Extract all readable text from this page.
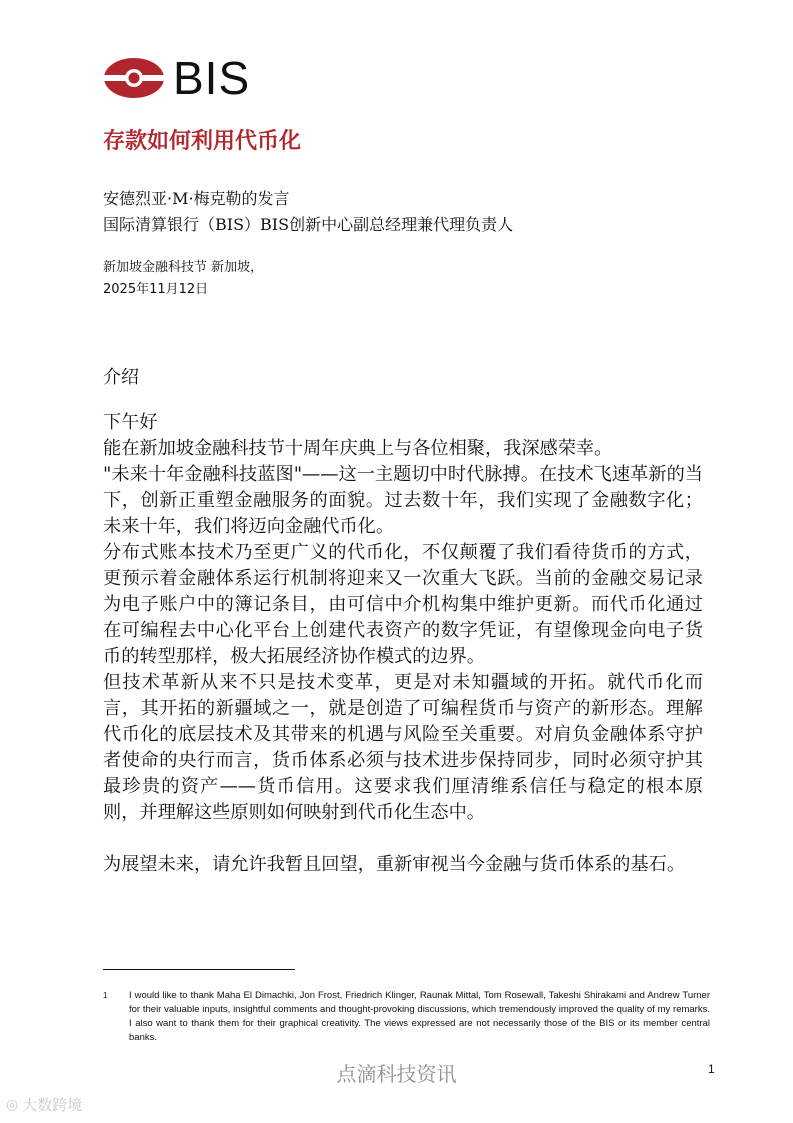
BIS
存款如何利用代币化
安德烈亚·M·梅克勒的发言
国际清算银行（BIS）BIS创新中心副总经理兼代理负责人
新加坡金融科技节 新加坡，
2025年11月12日
介绍

下午好

能在新加坡金融科技节十周年庆典上与各位相聚，我深感荣幸。

"未来十年金融科技蓝图"——这一主题切中时代脉搏。在技术飞速革新的当下，创新正重塑金融服务的面貌。过去数十年，我们实现了金融数字化；未来十年，我们将迈向金融代币化。

分布式账本技术乃至更广义的代币化，不仅颠覆了我们看待货币的方式，更预示着金融体系运行机制将迎来又一次重大飞跃。当前的金融交易记录为电子账户中的簿记条目，由可信中介机构集中维护更新。而代币化通过在可编程去中心化平台上创建代表资产的数字凭证，有望像现金向电子货币的转型那样，极大拓展经济协作模式的边界。

但技术革新从来不只是技术变革，更是对未知疆域的开拓。就代币化而言，其开拓的新疆域之一，就是创造了可编程货币与资产的新形态。理解代币化的底层技术及其带来的机遇与风险至关重要。对肩负金融体系守护者使命的央行而言，货币体系必须与技术进步保持同步，同时必须守护其最珍贵的资产——货币信用。这要求我们厘清维系信任与稳定的根本原则，并理解这些原则如何映射到代币化生态中。

为展望未来，请允许我暂且回望，重新审视当今金融与货币体系的基石。

1	I would like to thank Maha El Dimachki, Jon Frost, Friedrich Klinger, Raunak Mittal, Tom Rosewall, Takeshi Shirakami and Andrew Turner for their valuable inputs, insightful comments and thought-provoking discussions, which tremendously improved the quality of my remarks. I also want to thank them for their graphical creativity. The views expressed are not necessarily those of the BIS or its member central banks.
点滴科技资讯	1
◎ 大数跨境
